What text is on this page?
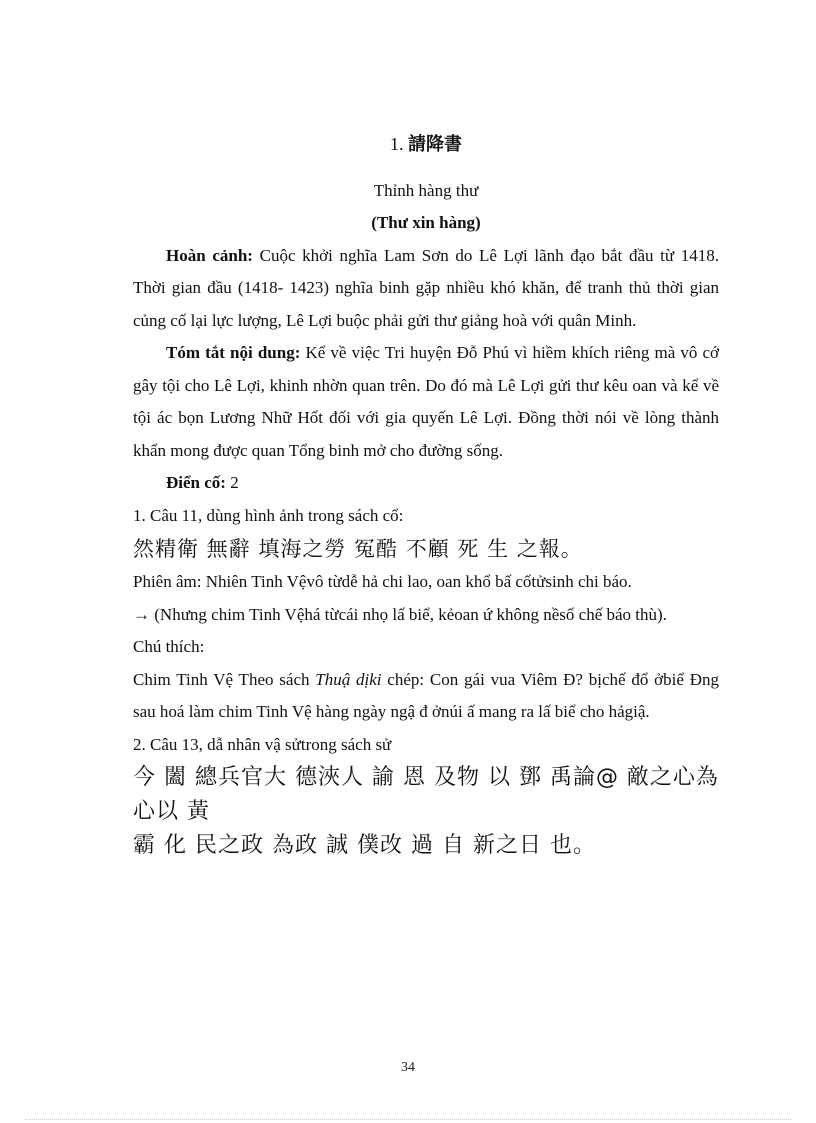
1. 請降書

Thỉnh hàng thư

(Thư xin hàng)

Hoàn cảnh: Cuộc khởi nghĩa Lam Sơn do Lê Lợi lãnh đạo bắt đầu từ 1418. Thời gian đầu (1418- 1423) nghĩa binh gặp nhiều khó khăn, để tranh thủ thời gian củng cố lại lực lượng, Lê Lợi buộc phải gửi thư giảng hoà với quân Minh.

Tóm tắt nội dung: Kể về việc Tri huyện Đỗ Phú vì hiềm khích riêng mà vô cớ gây tội cho Lê Lợi, khinh nhờn quan trên. Do đó mà Lê Lợi gửi thư kêu oan và kể về tội ác bọn Lương Nhữ Hốt đối với gia quyến Lê Lợi. Đồng thời nói về lòng thành khẩn mong được quan Tổng binh mở cho đường sống.

Điển cố: 2

1. Câu 11, dùng hình ảnh trong sách cổ:

然精衛 無辭 填海之勞 冤酷 不顧 死 生 之報。

Phiên âm: Nhiên Tinh Vệvô từdễ hả chi lao, oan khổ bấ cốtửsinh chi báo.

→ (Nhưng chim Tinh Vệhá từcái nhọ lấ biể, kẻoan ứ không nềsố chế báo thù).

Chú thích:

Chim Tinh Vệ Theo sách Thuậ dịki chép: Con gái vua Viêm Đ? bịchế đổ ởbiể Đng sau hoá làm chim Tinh Vệ hàng ngày ngậ đ ởnúi ấ mang ra lấ biể cho hảgiậ.

2. Câu 13, dẫ nhân vậ sửtrong sách sử

今 闔 總兵官大 德浹人 諭 恩 及物 以 鄧 禹論@ 敵之心為心以 黃

霸 化 民之政 為政 誠 僕改 過 自 新之日 也。

34
